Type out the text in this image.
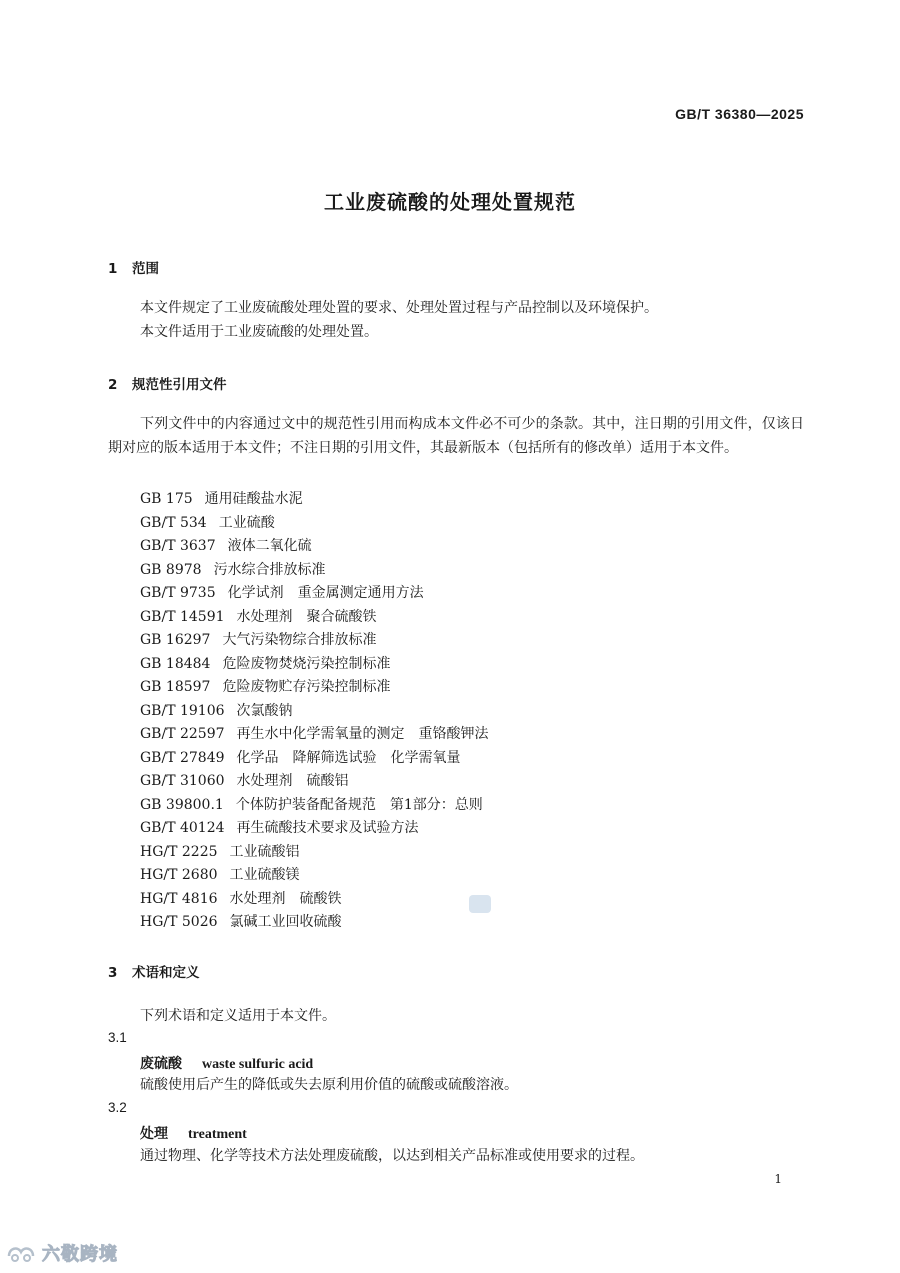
GB/T 36380—2025
工业废硫酸的处理处置规范
1 范围
本文件规定了工业废硫酸处理处置的要求、处理处置过程与产品控制以及环境保护。
本文件适用于工业废硫酸的处理处置。
2 规范性引用文件
下列文件中的内容通过文中的规范性引用而构成本文件必不可少的条款。其中，注日期的引用文件，仅该日期对应的版本适用于本文件；不注日期的引用文件，其最新版本（包括所有的修改单）适用于本文件。
GB 175 通用硅酸盐水泥
GB/T 534 工业硫酸
GB/T 3637 液体二氧化硫
GB 8978 污水综合排放标准
GB/T 9735 化学试剂　重金属测定通用方法
GB/T 14591 水处理剂　聚合硫酸铁
GB 16297 大气污染物综合排放标准
GB 18484 危险废物焚烧污染控制标准
GB 18597 危险废物贮存污染控制标准
GB/T 19106 次氯酸钠
GB/T 22597 再生水中化学需氧量的测定　重铬酸钾法
GB/T 27849 化学品　降解筛选试验　化学需氧量
GB/T 31060 水处理剂　硫酸铝
GB 39800.1 个体防护装备配备规范　第1部分：总则
GB/T 40124 再生硫酸技术要求及试验方法
HG/T 2225 工业硫酸铝
HG/T 2680 工业硫酸镁
HG/T 4816 水处理剂　硫酸铁
HG/T 5026 氯碱工业回收硫酸
3 术语和定义
下列术语和定义适用于本文件。
3.1
废硫酸 waste sulfuric acid
硫酸使用后产生的降低或失去原利用价值的硫酸或硫酸溶液。
3.2
处理 treatment
通过物理、化学等技术方法处理废硫酸，以达到相关产品标准或使用要求的过程。
1
六敬跨境
